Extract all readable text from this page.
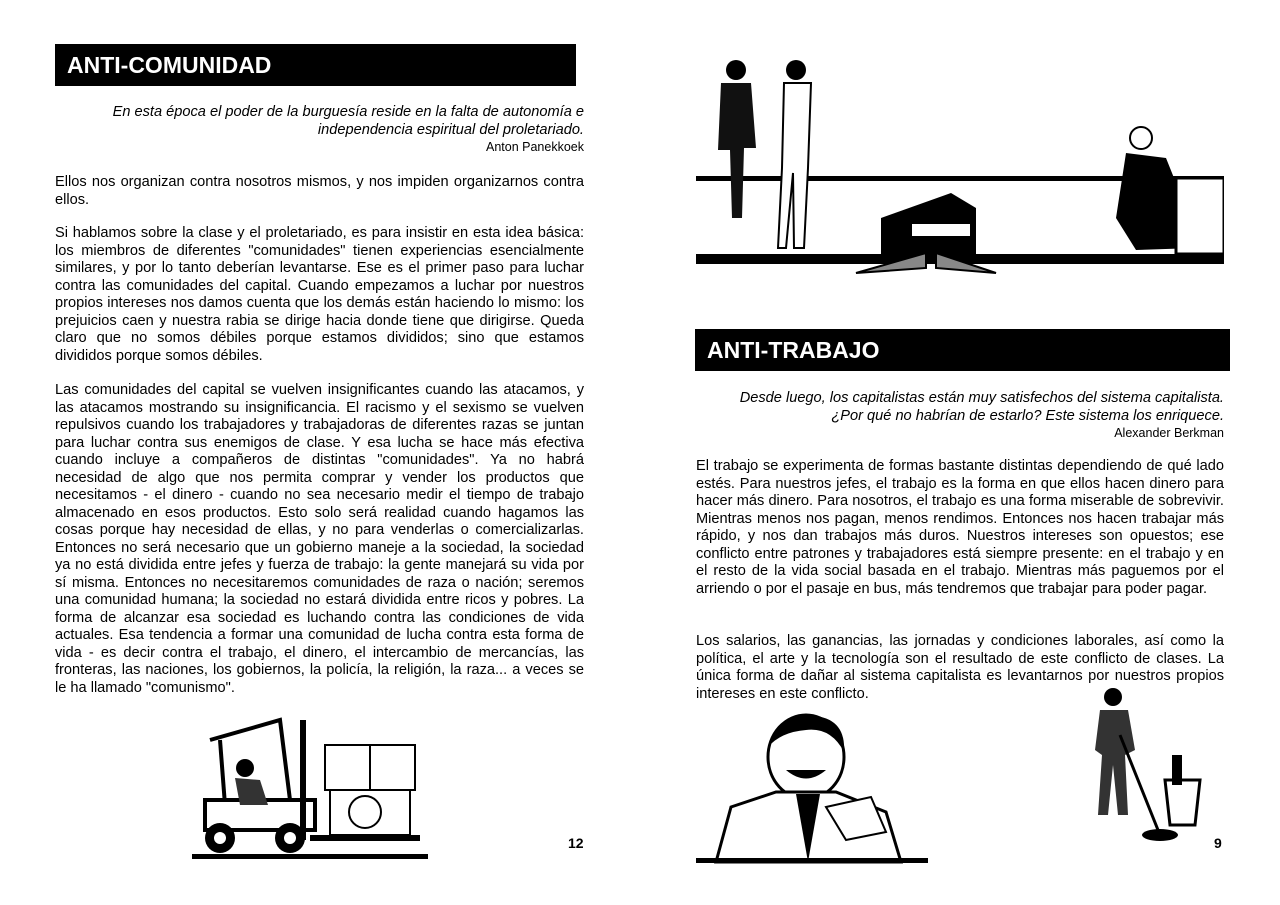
ANTI-COMUNIDAD
En esta época el poder de la burguesía reside en la falta de autonomía e
independencia espiritual del proletariado.
Anton Panekkoek

Ellos nos organizan contra nosotros mismos, y nos impiden organizarnos contra ellos.

Si hablamos sobre la clase y el proletariado, es para insistir en esta idea básica: los miembros de diferentes "comunidades" tienen experiencias esencialmente similares, y por lo tanto deberían levantarse. Ese es el primer paso para luchar contra las comunidades del capital. Cuando empezamos a luchar por nuestros propios intereses nos damos cuenta que los demás están haciendo lo mismo: los prejuicios caen y nuestra rabia se dirige hacia donde tiene que dirigirse. Queda claro que no somos débiles porque estamos divididos; sino que estamos divididos porque somos débiles.

Las comunidades del capital se vuelven insignificantes cuando las atacamos, y las atacamos mostrando su insignificancia. El racismo y el sexismo se vuelven repulsivos cuando los trabajadores y trabajadoras de diferentes razas se juntan para luchar contra sus enemigos de clase. Y esa lucha se hace más efectiva cuando incluye a compañeros de distintas "comunidades". Ya no habrá necesidad de algo que nos permita comprar y vender los productos que necesitamos - el dinero - cuando no sea necesario medir el tiempo de trabajo almacenado en esos productos. Esto solo será realidad cuando hagamos las cosas porque hay necesidad de ellas, y no para venderlas o comercializarlas. Entonces no será necesario que un gobierno maneje a la sociedad, la sociedad ya no está dividida entre jefes y fuerza de trabajo: la gente manejará su vida por sí misma. Entonces no necesitaremos comunidades de raza o nación; seremos una comunidad humana; la sociedad no estará dividida entre ricos y pobres. La forma de alcanzar esa sociedad es luchando contra las condiciones de vida actuales. Esa tendencia a formar una comunidad de lucha contra esta forma de vida - es decir contra el trabajo, el dinero, el intercambio de mercancías, las fronteras, las naciones, los gobiernos, la policía, la religión, la raza... a veces se le ha llamado "comunismo".

12
ANTI-TRABAJO
Desde luego, los capitalistas están muy satisfechos del sistema capitalista.
¿Por qué no habrían de estarlo? Este sistema los enriquece.
Alexander Berkman

El trabajo se experimenta de formas bastante distintas dependiendo de qué lado estés. Para nuestros jefes, el trabajo es la forma en que ellos hacen dinero para hacer más dinero. Para nosotros, el trabajo es una forma miserable de sobrevivir. Mientras menos nos pagan, menos rendimos. Entonces nos hacen trabajar más rápido, y nos dan trabajos más duros. Nuestros intereses son opuestos; ese conflicto entre patrones y trabajadores está siempre presente: en el trabajo y en el resto de la vida social basada en el trabajo. Mientras más paguemos por el arriendo o por el pasaje en bus, más tendremos que trabajar para poder pagar.

Los salarios, las ganancias, las jornadas y condiciones laborales, así como la política, el arte y la tecnología son el resultado de este conflicto de clases. La única forma de dañar al sistema capitalista es levantarnos por nuestros propios intereses en este conflicto.

9
